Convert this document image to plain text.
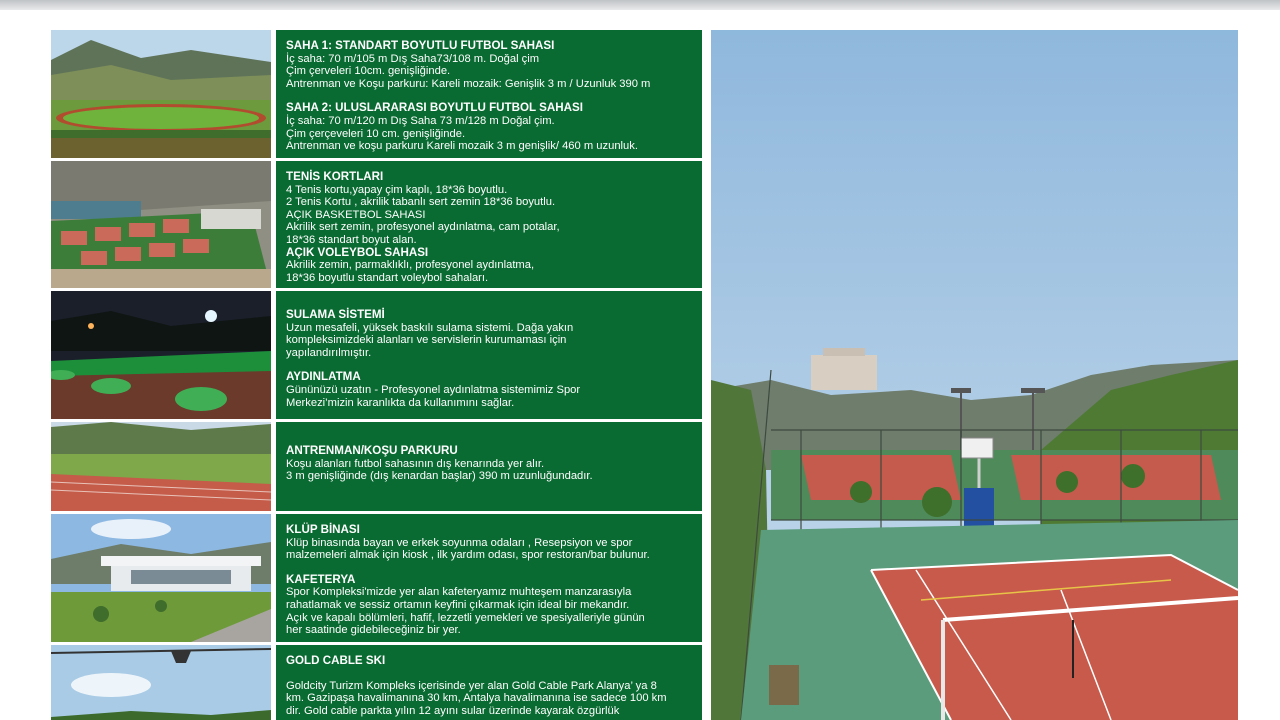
SAHA 1: STANDART BOYUTLU FUTBOL SAHASI

İç saha: 70 m/105 m Dış Saha73/108 m. Doğal çim
Çim çerveleri 10cm. genişliğinde.
Antrenman ve Koşu parkuru: Kareli mozaik: Genişlik 3 m / Uzunluk 390 m

SAHA 2: ULUSLARARASI BOYUTLU FUTBOL SAHASI

İç saha: 70 m/120 m Dış Saha 73 m/128 m Doğal çim.
Çim çerçeveleri 10 cm. genişliğinde.
Antrenman ve koşu parkuru Kareli mozaik 3 m genişlik/ 460 m uzunluk.

TENİS KORTLARI

4 Tenis kortu,yapay çim kaplı, 18*36 boyutlu.
2 Tenis Kortu , akrilik tabanlı sert zemin 18*36 boyutlu.

AÇIK BASKETBOL SAHASI
Akrilik sert zemin, profesyonel aydınlatma, cam potalar,
18*36 standart boyut alan.

AÇIK VOLEYBOL SAHASI

Akrilik zemin, parmaklıklı, profesyonel aydınlatma,
18*36 boyutlu standart voleybol sahaları.

SULAMA SİSTEMİ

Uzun mesafeli, yüksek baskılı sulama sistemi. Dağa yakın
kompleksimizdeki alanları ve servislerin kurumaması için
yapılandırılmıştır.

AYDINLATMA

Gününüzü uzatın - Profesyonel aydınlatma sistemimiz Spor
Merkezi’mizin karanlıkta da kullanımını sağlar.

ANTRENMAN/KOŞU PARKURU

Koşu alanları futbol sahasının dış kenarında yer alır.
3 m genişliğinde (dış kenardan başlar) 390 m uzunluğundadır.

KLÜP BİNASI

Klüp binasında bayan ve erkek soyunma odaları , Resepsiyon ve spor
malzemeleri almak için kiosk , ilk yardım odası, spor restoran/bar bulunur.

KAFETERYA

Spor Kompleksi'mizde yer alan kafeteryamız muhteşem manzarasıyla
rahatlamak ve sessiz ortamın keyfini çıkarmak için ideal bir mekandır.
Açık ve kapalı bölümleri, hafif, lezzetli yemekleri ve spesiyalleriyle günün
her saatinde gidebileceğiniz bir yer.

GOLD CABLE SKI

Goldcity Turizm Kompleks içerisinde yer alan Gold Cable Park Alanya’ ya 8
km. Gazipaşa havalimanına 30 km, Antalya havalimanına ise sadece 100 km
dir. Gold cable parkta yılın 12 ayını sular üzerinde kayarak özgürlük
